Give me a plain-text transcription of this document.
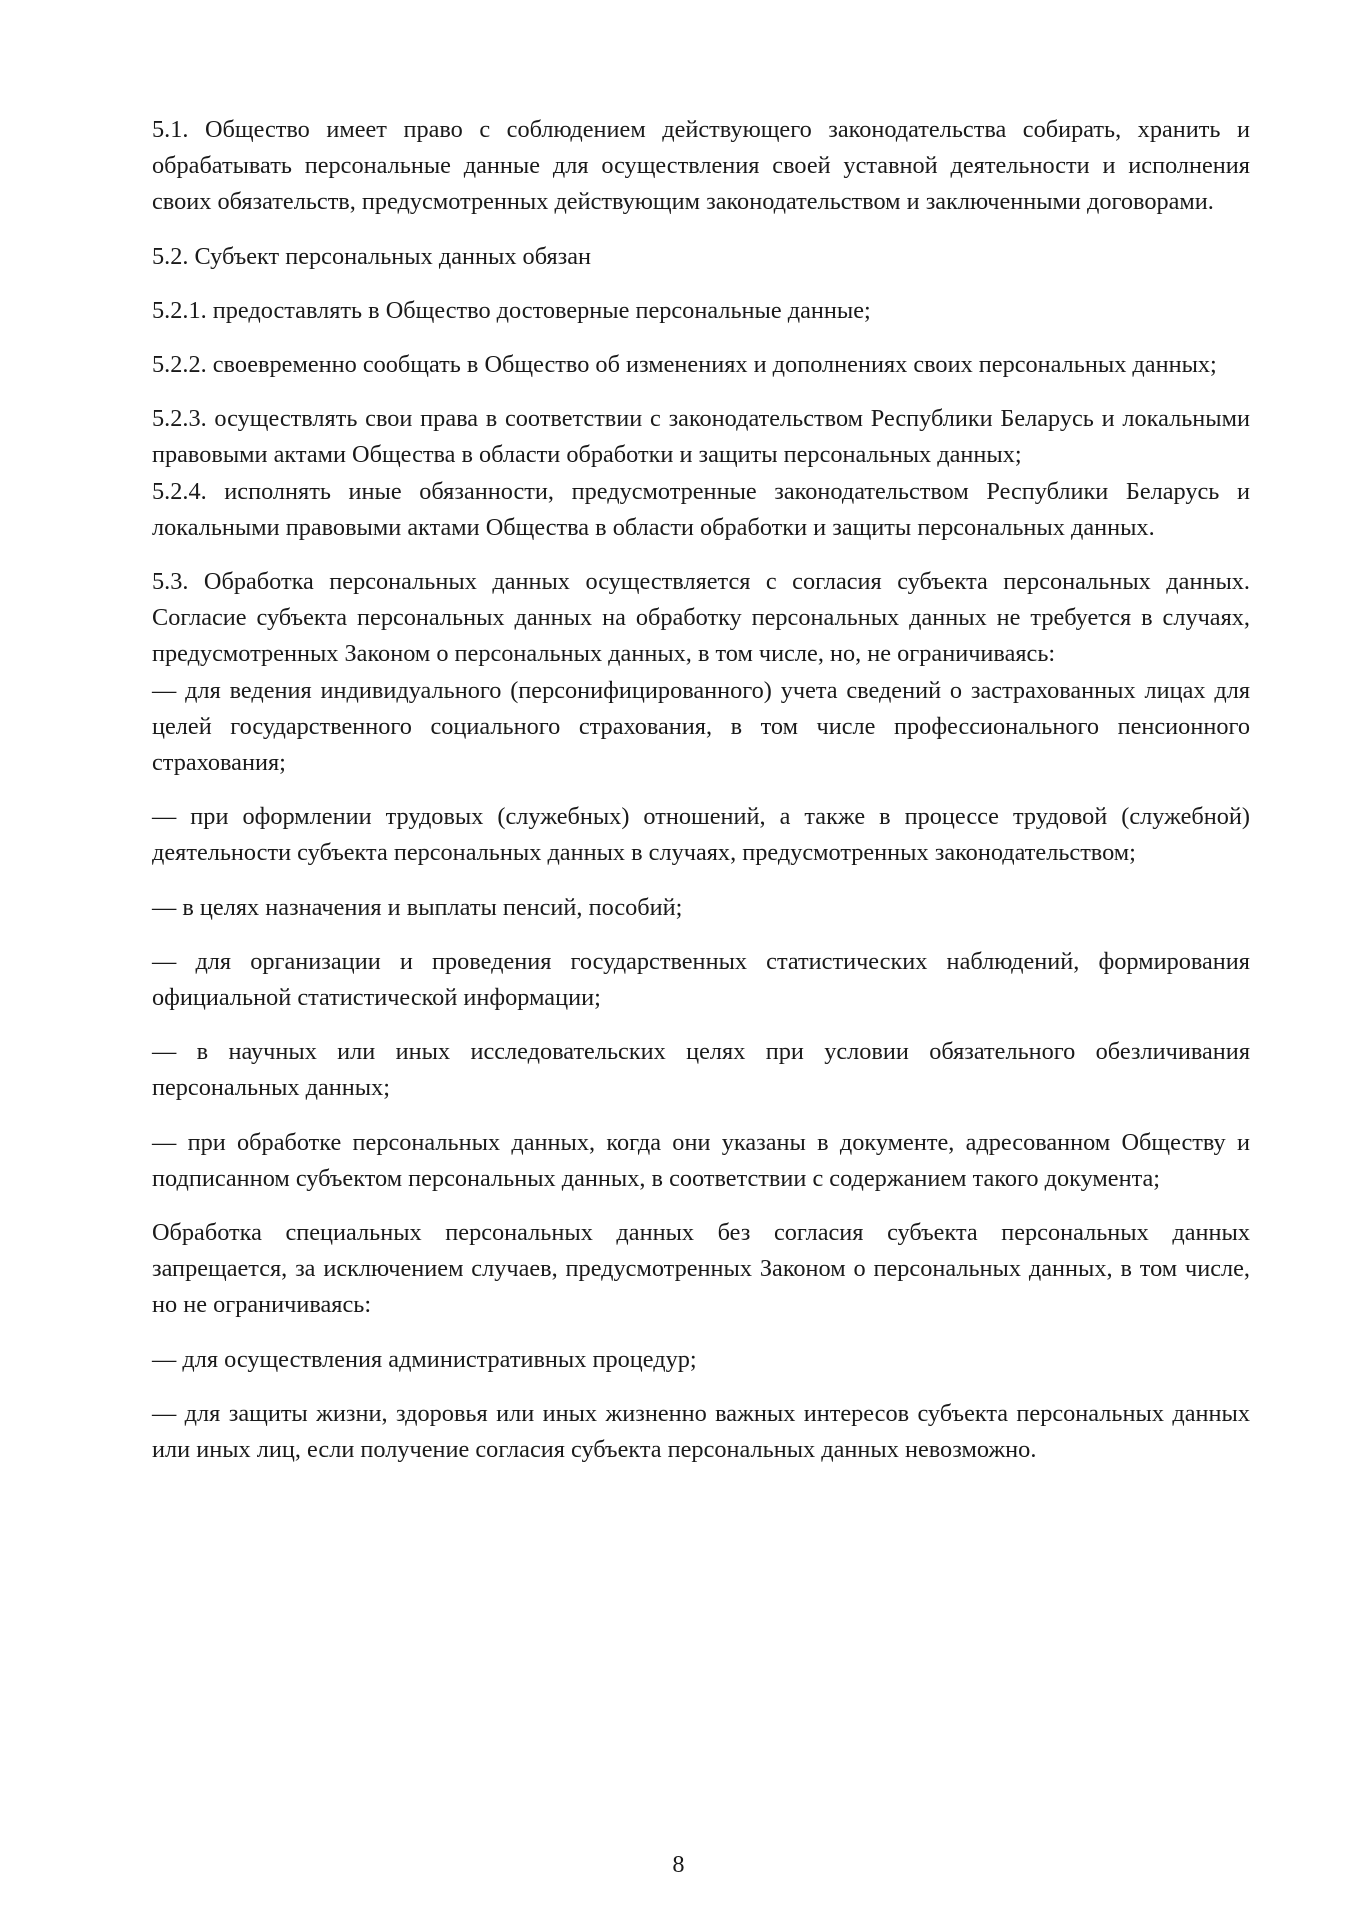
5.1. Общество имеет право с соблюдением действующего законодательства собирать, хранить и обрабатывать персональные данные для осуществления своей уставной деятельности и исполнения своих обязательств, предусмотренных действующим законодательством и заключенными договорами.

5.2. Субъект персональных данных обязан

5.2.1. предоставлять в Общество достоверные персональные данные;

5.2.2. своевременно сообщать в Общество об изменениях и дополнениях своих персональных данных;

5.2.3. осуществлять свои права в соответствии с законодательством Республики Беларусь и локальными правовыми актами Общества в области обработки и защиты персональных данных;

5.2.4. исполнять иные обязанности, предусмотренные законодательством Республики Беларусь и локальными правовыми актами Общества в области обработки и защиты персональных данных.

5.3. Обработка персональных данных осуществляется с согласия субъекта персональных данных. Согласие субъекта персональных данных на обработку персональных данных не требуется в случаях, предусмотренных Законом о персональных данных, в том числе, но, не ограничиваясь:

— для ведения индивидуального (персонифицированного) учета сведений о застрахованных лицах для целей государственного социального страхования, в том числе профессионального пенсионного страхования;

— при оформлении трудовых (служебных) отношений, а также в процессе трудовой (служебной) деятельности субъекта персональных данных в случаях, предусмотренных законодательством;

— в целях назначения и выплаты пенсий, пособий;

— для организации и проведения государственных статистических наблюдений, формирования официальной статистической информации;

— в научных или иных исследовательских целях при условии обязательного обезличивания персональных данных;

— при обработке персональных данных, когда они указаны в документе, адресованном Обществу и подписанном субъектом персональных данных, в соответствии с содержанием такого документа;

Обработка специальных персональных данных без согласия субъекта персональных данных запрещается, за исключением случаев, предусмотренных Законом о персональных данных, в том числе, но не ограничиваясь:

— для осуществления административных процедур;

— для защиты жизни, здоровья или иных жизненно важных интересов субъекта персональных данных или иных лиц, если получение согласия субъекта персональных данных невозможно.

8
